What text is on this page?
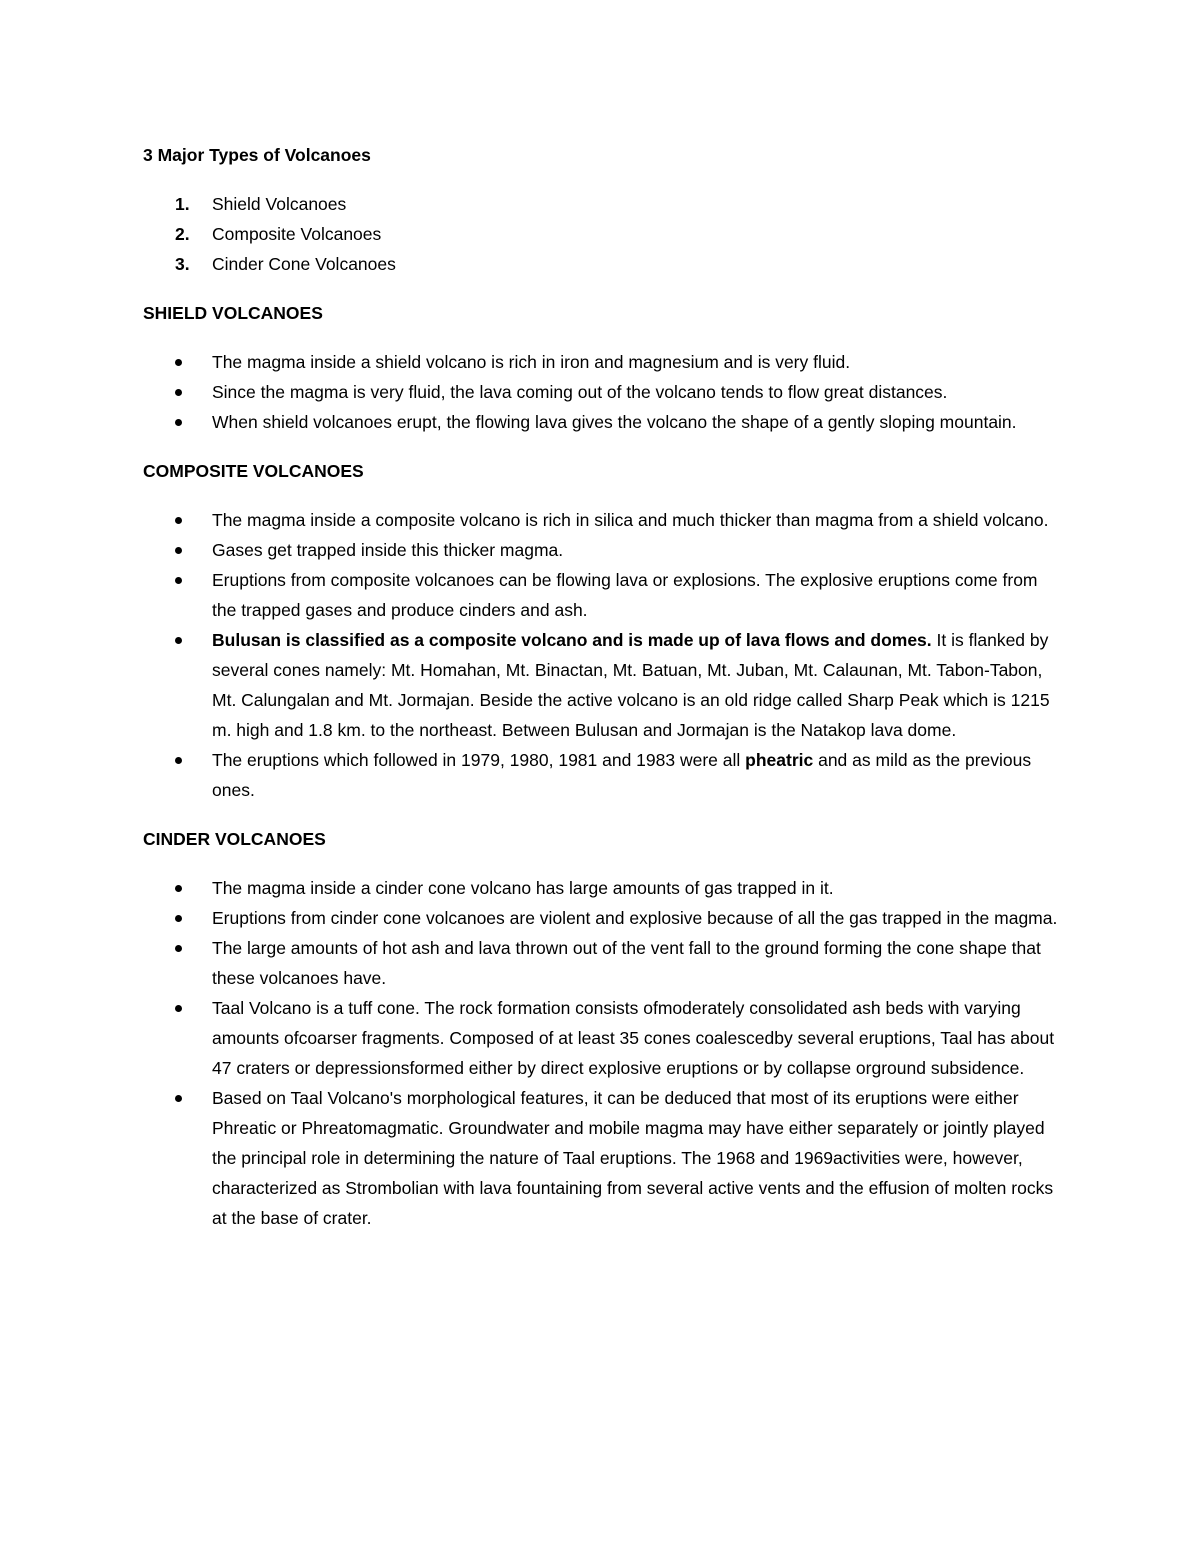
3 Major Types of Volcanoes
1. Shield Volcanoes
2. Composite Volcanoes
3. Cinder Cone Volcanoes
SHIELD VOLCANOES
The magma inside a shield volcano is rich in iron and magnesium and is very fluid.
Since the magma is very fluid, the lava coming out of the volcano tends to flow great distances.
When shield volcanoes erupt, the flowing lava gives the volcano the shape of a gently sloping mountain.
COMPOSITE VOLCANOES
The magma inside a composite volcano is rich in silica and much thicker than magma from a shield volcano.
Gases get trapped inside this thicker magma.
Eruptions from composite volcanoes can be flowing lava or explosions. The explosive eruptions come from the trapped gases and produce cinders and ash.
Bulusan is classified as a composite volcano and is made up of lava flows and domes. It is flanked by several cones namely: Mt. Homahan, Mt. Binactan, Mt. Batuan, Mt. Juban, Mt. Calaunan, Mt. Tabon-Tabon, Mt. Calungalan and Mt. Jormajan. Beside the active volcano is an old ridge called Sharp Peak which is 1215 m. high and 1.8 km. to the northeast. Between Bulusan and Jormajan is the Natakop lava dome.
The eruptions which followed in 1979, 1980, 1981 and 1983 were all pheatric and as mild as the previous ones.
CINDER VOLCANOES
The magma inside a cinder cone volcano has large amounts of gas trapped in it.
Eruptions from cinder cone volcanoes are violent and explosive because of all the gas trapped in the magma.
The large amounts of hot ash and lava thrown out of the vent fall to the ground forming the cone shape that these volcanoes have.
Taal Volcano is a tuff cone. The rock formation consists ofmoderately consolidated ash beds with varying amounts ofcoarser fragments. Composed of at least 35 cones coalescedby several eruptions, Taal has about 47 craters or depressionsformed either by direct explosive eruptions or by collapse orground subsidence.
Based on Taal Volcano's morphological features, it can be deduced that most of its eruptions were either Phreatic or Phreatomagmatic. Groundwater and mobile magma may have either separately or jointly played the principal role in determining the nature of Taal eruptions. The 1968 and 1969activities were, however, characterized as Strombolian with lava fountaining from several active vents and the effusion of molten rocks at the base of crater.
